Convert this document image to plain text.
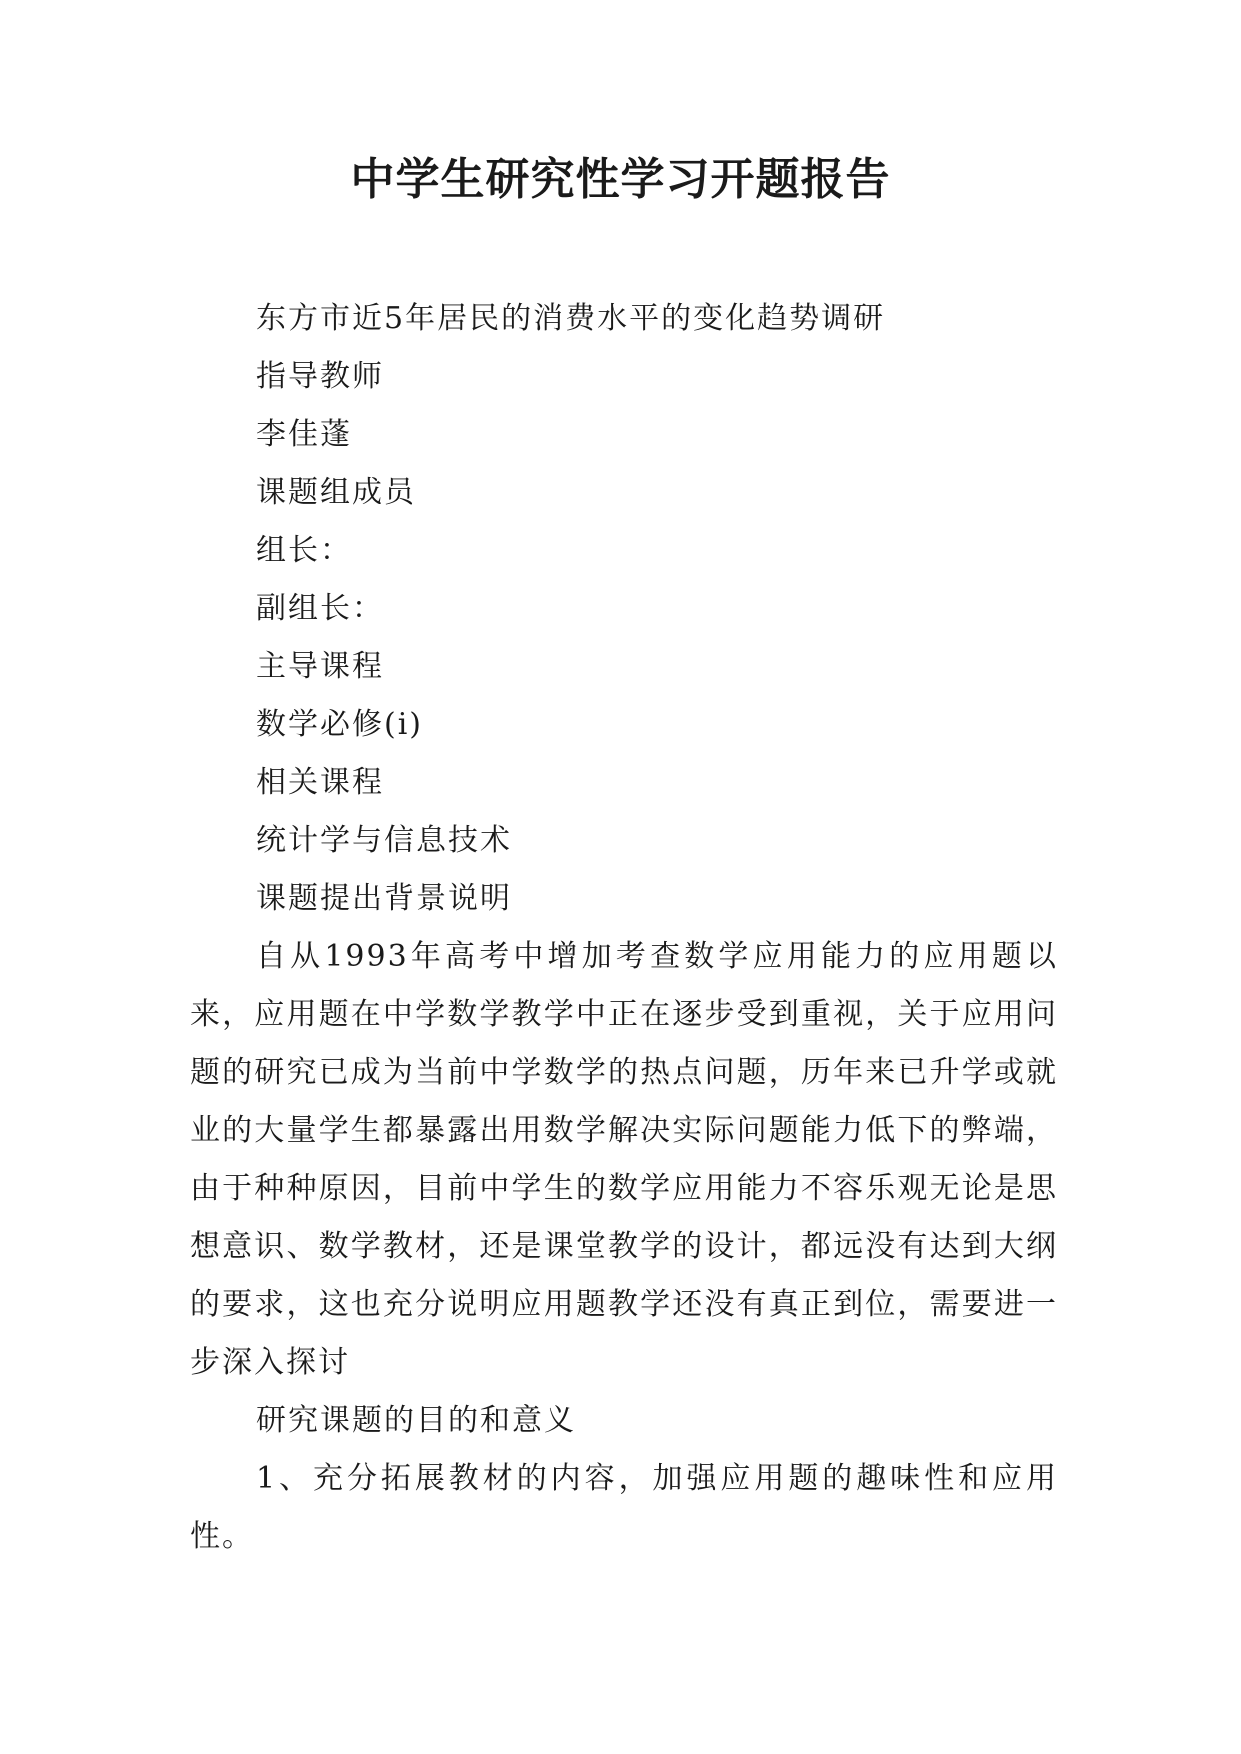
中学生研究性学习开题报告

东方市近5年居民的消费水平的变化趋势调研

指导教师

李佳蓬

课题组成员

组长：

副组长：

主导课程

数学必修(i)

相关课程

统计学与信息技术

课题提出背景说明

自从1993年高考中增加考查数学应用能力的应用题以来，应用题在中学数学教学中正在逐步受到重视，关于应用问题的研究已成为当前中学数学的热点问题，历年来已升学或就业的大量学生都暴露出用数学解决实际问题能力低下的弊端，由于种种原因，目前中学生的数学应用能力不容乐观无论是思想意识、数学教材，还是课堂教学的设计，都远没有达到大纲的要求，这也充分说明应用题教学还没有真正到位，需要进一步深入探讨

研究课题的目的和意义

1、充分拓展教材的内容，加强应用题的趣味性和应用性。
